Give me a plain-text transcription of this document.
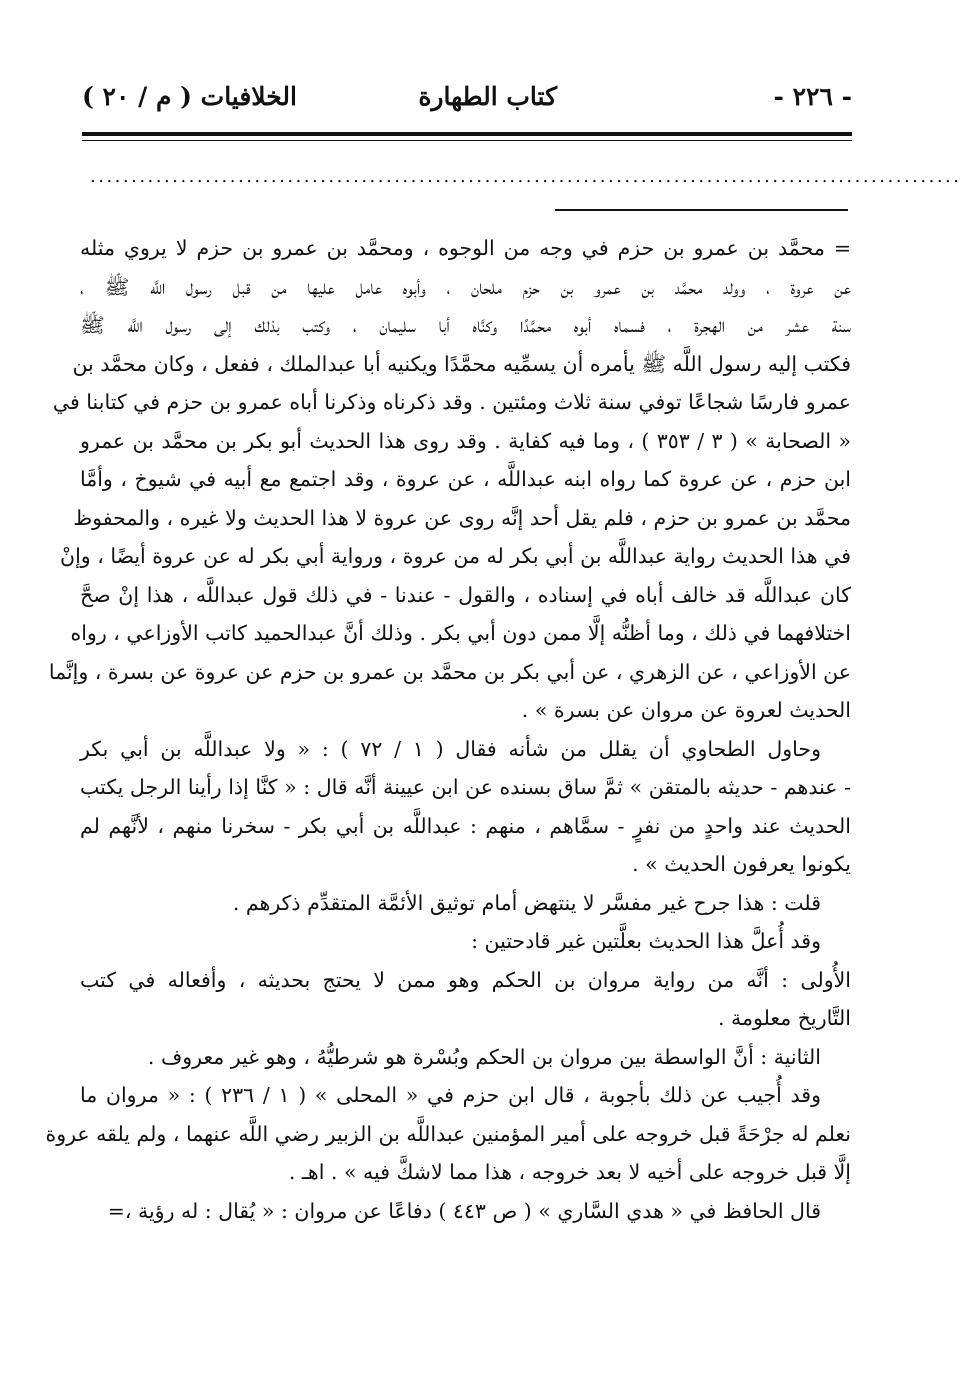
- ٢٢٦ -
كتاب الطهارة
الخلافيات ( م / ٢٠ )
..........................................................................................................
= محمَّد بن عمرو بن حزم في وجه من الوجوه ، ومحمَّد بن عمرو بن حزم لا يروي مثله
عن عروة ، وولد محمَّد بن عمرو بن حزم ملحان ، وأبوه عامل عليها من قبل رسول اللَّه ﷺ ،
سنة عشر من الهجرة ، فسماه أبوه محمَّدًا وكنَّاه أبا سليمان ، وكتب بذلك إلى رسول اللَّه ﷺ
فكتب إليه رسول اللَّه ﷺ يأمره أن يسمِّيه محمَّدًا ويكنيه أبا عبدالملك ، ففعل ، وكان محمَّد بن
عمرو فارسًا شجاعًا توفي سنة ثلاث ومئتين . وقد ذكرناه وذكرنا أباه عمرو بن حزم في كتابنا في
« الصحابة » ( ٣ / ٣٥٣ ) ، وما فيه كفاية . وقد روى هذا الحديث أبو بكر بن محمَّد بن عمرو
ابن حزم ، عن عروة كما رواه ابنه عبداللَّه ، عن عروة ، وقد اجتمع مع أبيه في شيوخ ، وأمَّا
محمَّد بن عمرو بن حزم ، فلم يقل أحد إنَّه روى عن عروة لا هذا الحديث ولا غيره ، والمحفوظ
في هذا الحديث رواية عبداللَّه بن أبي بكر له من عروة ، ورواية أبي بكر له عن عروة أيضًا ، وإنْ
كان عبداللَّه قد خالف أباه في إسناده ، والقول - عندنا - في ذلك قول عبداللَّه ، هذا إنْ صحَّ
اختلافهما في ذلك ، وما أظنُّه إلَّا ممن دون أبي بكر . وذلك أنَّ عبدالحميد كاتب الأوزاعي ، رواه
عن الأوزاعي ، عن الزهري ، عن أبي بكر بن محمَّد بن عمرو بن حزم عن عروة عن بسرة ، وإنَّما
الحديث لعروة عن مروان عن بسرة » .
وحاول الطحاوي أن يقلل من شأنه فقال ( ١ / ٧٢ ) : « ولا عبداللَّه بن أبي بكر
- عندهم - حديثه بالمتقن » ثمَّ ساق بسنده عن ابن عيينة أنَّه قال : « كنَّا إذا رأينا الرجل يكتب
الحديث عند واحدٍ من نفرٍ - سمَّاهم ، منهم : عبداللَّه بن أبي بكر - سخرنا منهم ، لأنَّهم لم
يكونوا يعرفون الحديث » .
قلت : هذا جرح غير مفسَّر لا ينتهض أمام توثيق الأئمَّة المتقدِّم ذكرهم .
وقد أُعلَّ هذا الحديث بعلَّتين غير قادحتين :
الأُولى : أنَّه من رواية مروان بن الحكم وهو ممن لا يحتج بحديثه ، وأفعاله في كتب
التَّاريخ معلومة .
الثانية : أنَّ الواسطة بين مروان بن الحكم وبُسْرة هو شرطيُّهُ ، وهو غير معروف .
وقد أُجيب عن ذلك بأجوبة ، قال ابن حزم في « المحلى » ( ١ / ٢٣٦ ) : « مروان ما
نعلم له جرْحَةً قبل خروجه على أمير المؤمنين عبداللَّه بن الزبير رضي اللَّه عنهما ، ولم يلقه عروة
إلَّا قبل خروجه على أخيه لا بعد خروجه ، هذا مما لاشكَّ فيه » . اهـ .
قال الحافظ في « هدي السَّاري » ( ص ٤٤٣ ) دفاعًا عن مروان : « يُقال : له رؤية ،=
